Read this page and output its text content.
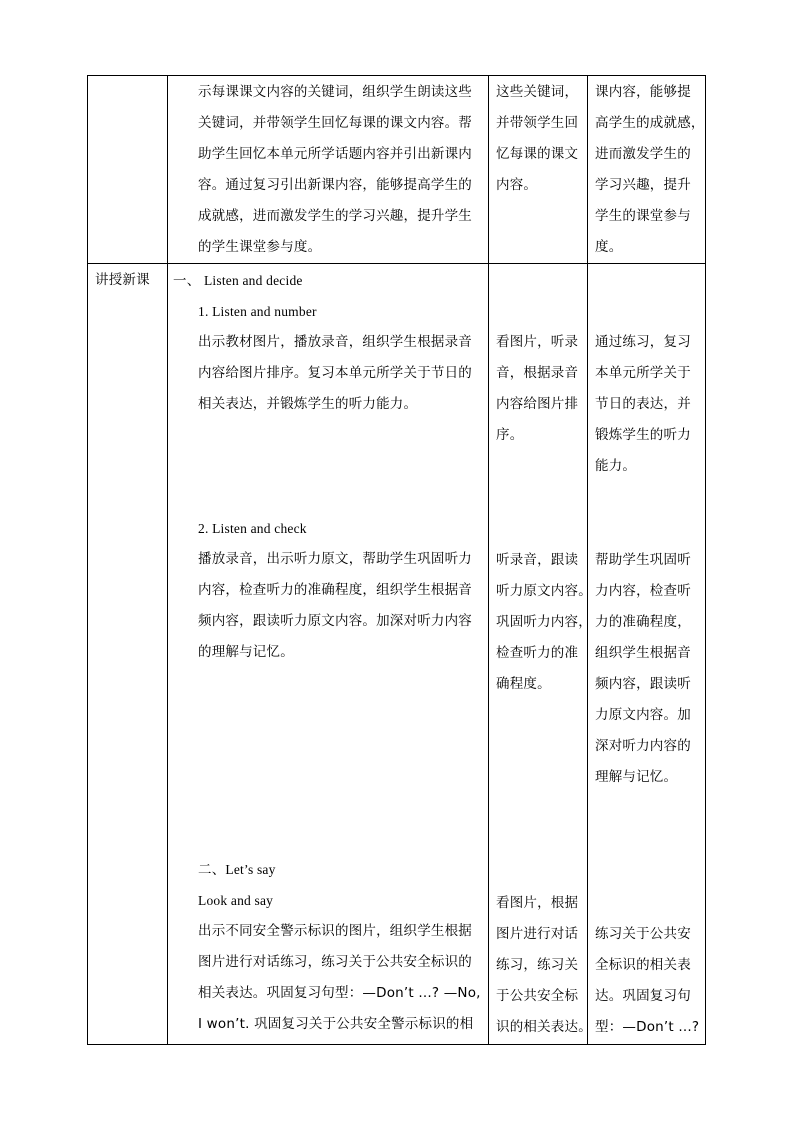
示每课课文内容的关键词，组织学生朗读这些
关键词，并带领学生回忆每课的课文内容。帮
助学生回忆本单元所学话题内容并引出新课内
容。通过复习引出新课内容，能够提高学生的
成就感，进而激发学生的学习兴趣，提升学生
的学生课堂参与度。
这些关键词，
并带领学生回
忆每课的课文
内容。
课内容，能够提
高学生的成就感，
进而激发学生的
学习兴趣，提升
学生的课堂参与
度。
讲授新课 一、 Listen and decide
1. Listen and number
出示教材图片，播放录音，组织学生根据录音
内容给图片排序。复习本单元所学关于节日的
相关表达，并锻炼学生的听力能力。
2. Listen and check
播放录音，出示听力原文，帮助学生巩固听力
内容，检查听力的准确程度，组织学生根据音
频内容，跟读听力原文内容。加深对听力内容
的理解与记忆。
二、Let’s say
Look and say
出示不同安全警示标识的图片，组织学生根据
图片进行对话练习，练习关于公共安全标识的
相关表达。巩固复习句型：—Don’t ...? —No,
I won’t. 巩固复习关于公共安全警示标识的相
看图片，听录
音，根据录音
内容给图片排
序。
听录音，跟读
听力原文内容。
巩固听力内容，
检查听力的准
确程度。
看图片，根据
图片进行对话
练习，练习关
于公共安全标
识的相关表达。
通过练习，复习
本单元所学关于
节日的表达，并
锻炼学生的听力
能力。
帮助学生巩固听
力内容，检查听
力的准确程度，
组织学生根据音
频内容，跟读听
力原文内容。加
深对听力内容的
理解与记忆。
练习关于公共安
全标识的相关表
达。巩固复习句
型：—Don’t ...?
